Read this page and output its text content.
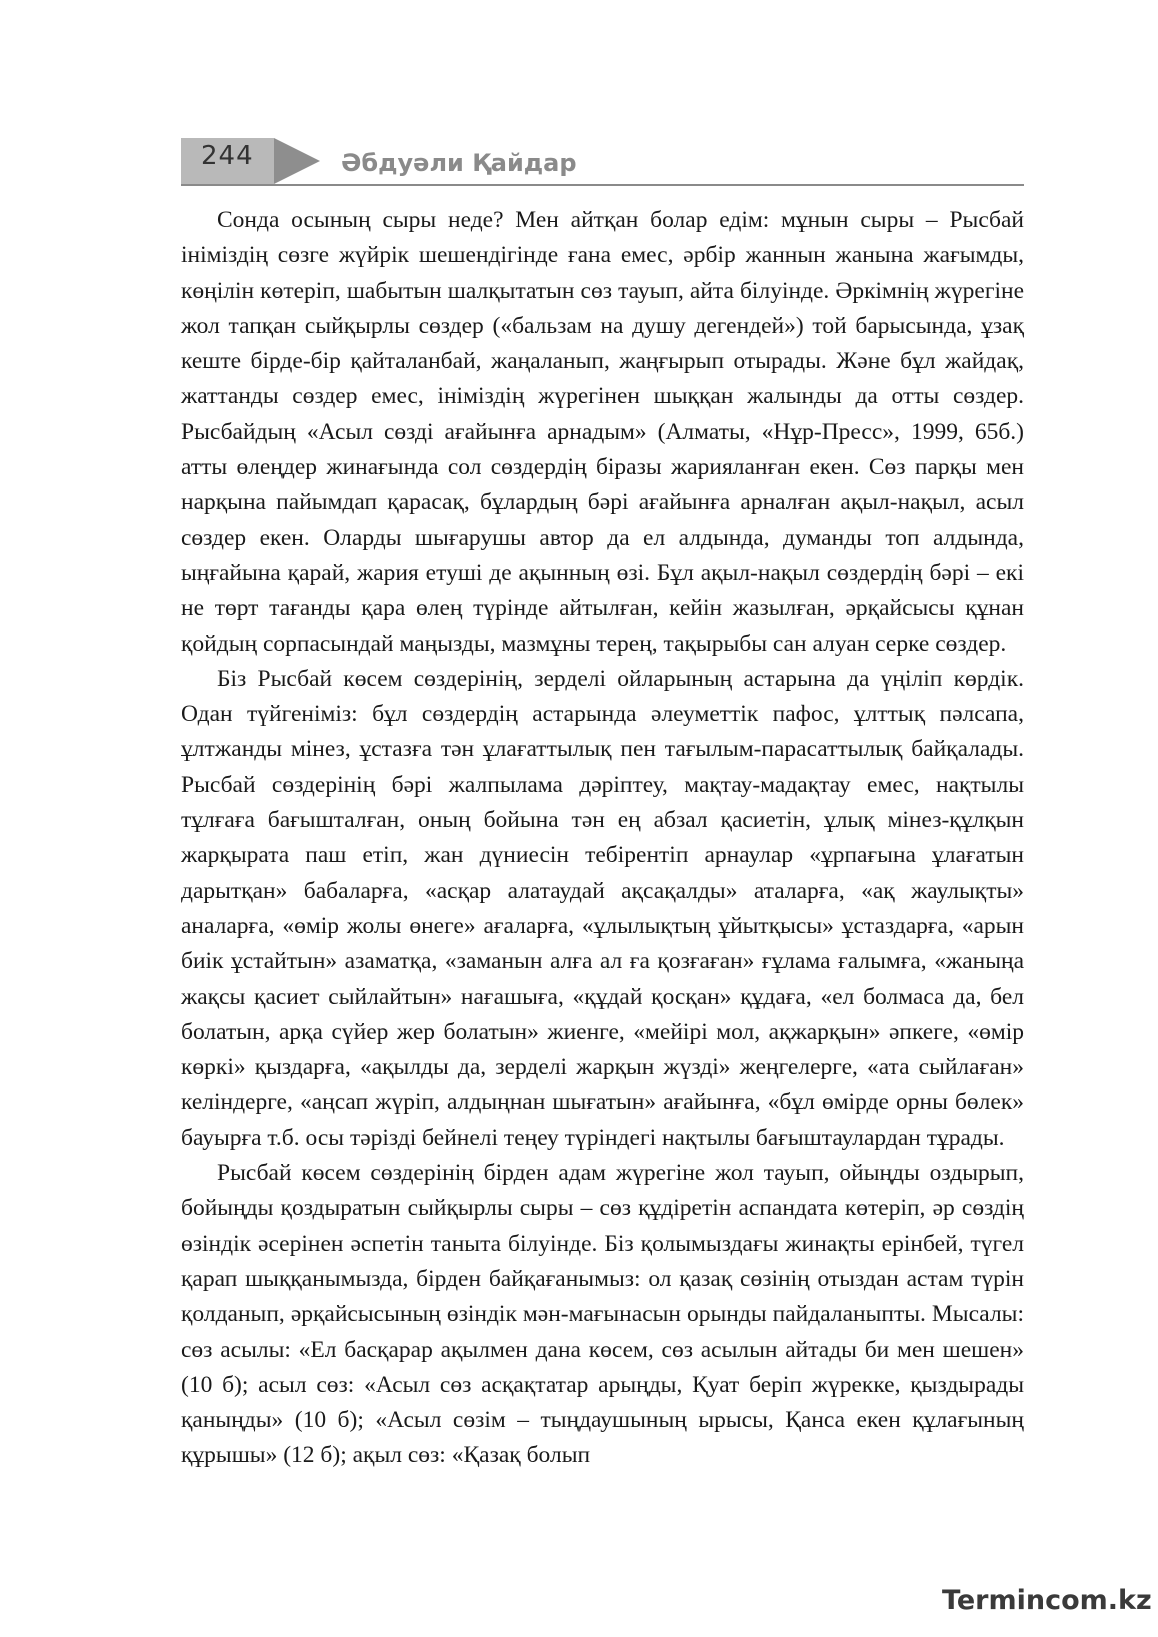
244	Әбдуәли Қайдар

Сонда осының сыры неде? Мен айтқан болар едім: мұнын сыры – Рысбай інімiздің сөзге жүйрік шешендігінде ғана емес, әрбір жаннын жанына жағымды, көңілін көтеріп, шабытын шалқытатын сөз тауып, айта білуінде. Әркімнің жүрегіне жол тапқан сыйқырлы сөздер («бальзам на душу дегендей») той барысында, ұзақ кеште бірде-бір қайталанбай, жаңаланып, жаңғырып отырады. Және бұл жайдақ, жаттанды сөздер емес, інімiздің жүрегінен шыққан жалынды да отты сөздер. Рысбайдың «Асыл сөзді ағайынға арнадым» (Алматы, «Нұр-Пресс», 1999, 65б.) атты өлеңдер жинағында сол сөздердің біразы жарияланған екен. Сөз парқы мен нарқына пайымдап қарасақ, бұлардың бәрі ағайынға арналған ақыл-нақыл, асыл сөздер екен. Оларды шығарушы автор да ел алдында, думанды топ алдында, ыңғайына қарай, жария етуші де ақынның өзі. Бұл ақыл-нақыл сөздердің бәрі – екі не төрт тағанды қара өлең түрінде айтылған, кейін жазылған, әрқайсысы құнан қойдың сорпасындай маңызды, мазмұны терең, тақырыбы сан алуан серке сөздер.

Біз Рысбай көсем сөздерінің, зерделі ойларының астарына да үңіліп көрдік. Одан түйгеніміз: бұл сөздердің астарында әлеуметтік пафос, ұлттық пәлсапа, ұлтжанды мінез, ұстазға тән ұлағаттылық пен тағылым-парасаттылық байқалады. Рысбай сөздерінің бәрі жалпылама дәріптеу, мақтау-мадақтау емес, нақтылы тұлғаға бағышталған, оның бойына тән ең абзал қасиетін, ұлық мінез-құлқын жарқырата паш етіп, жан дүниесін тебірентіп арнаулар «ұрпағына ұлағатын дарытқан» бабаларға, «асқар алатаудай ақсақалды» аталарға, «ақ жаулықты» аналарға, «өмір жолы өнеге» ағаларға, «ұлылықтың ұйытқысы» ұстаздарға, «арын биік ұстайтын» азаматқа, «заманын алға ал ға қозғаған» ғұлама ғалымға, «жаныңа жақсы қасиет сыйлайтын» нағашыға, «құдай қосқан» құдаға, «ел болмаса да, бел болатын, арқа сүйер жер болатын» жиенге, «мейірі мол, ақжарқын» әпкеге, «өмір көркі» қыздарға, «ақылды да, зерделі жарқын жүзді» жеңгелерге, «ата сыйлаған» келіндерге, «аңсап жүріп, алдыңнан шығатын» ағайынға, «бұл өмірде орны бөлек» бауырға т.б. осы тәрізді бейнелі теңеу түріндегі нақтылы бағыштаулардан тұрады.

Рысбай көсем сөздерінің бірден адам жүрегіне жол тауып, ойыңды оздырып, бойыңды қоздыратын сыйқырлы сыры – сөз құдіретін аспандата көтеріп, әр сөздің өзіндік әсерінен әспетін таныта білуінде. Біз қолымыздағы жинақты ерінбей, түгел қарап шыққанымызда, бірден байқағанымыз: ол қазақ сөзінің отыздан астам түрін қолданып, әрқайсысының өзіндік мән-мағынасын орынды пайдаланыпты. Мысалы: сөз асылы: «Ел басқарар ақылмен дана көсем, сөз асылын айтады би мен шешен» (10 б); асыл сөз: «Асыл сөз асқақтатар арыңды, Қуат беріп жүрекке, қыздырады қаныңды» (10 б); «Асыл сөзім – тыңдаушының ырысы, Қанса екен құлағының құрышы» (12 б); ақыл сөз: «Қазақ болып

Termincom.kz
